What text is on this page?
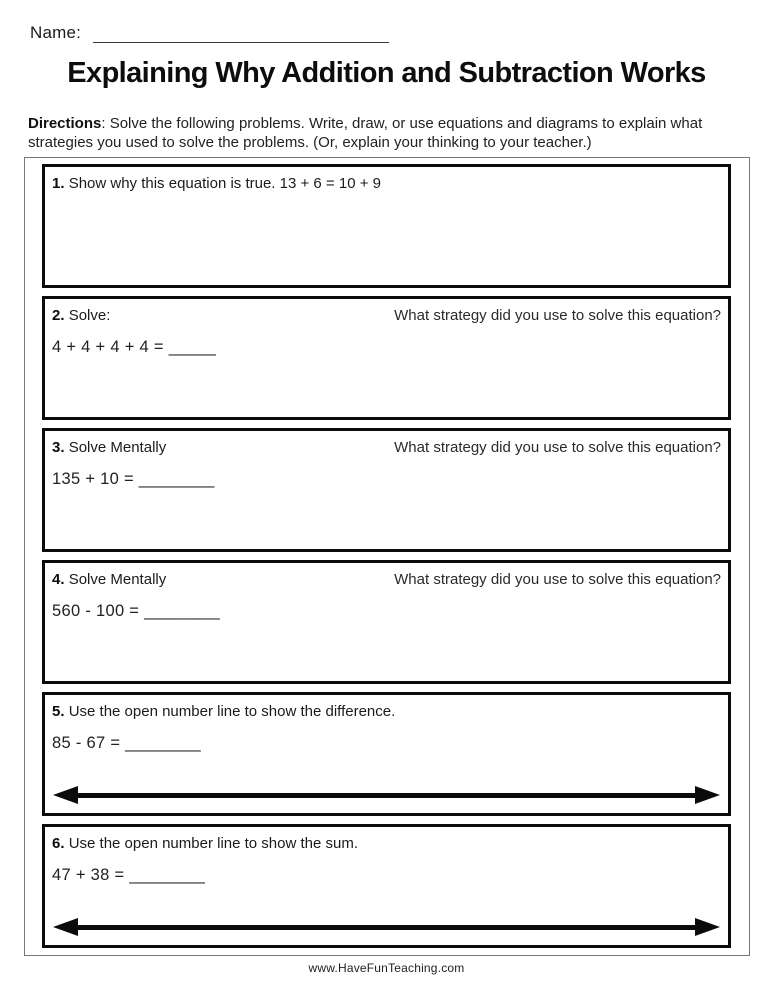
Name:
Explaining Why Addition and Subtraction Works
Directions: Solve the following problems. Write, draw, or use equations and diagrams to explain what strategies you used to solve the problems. (Or, explain your thinking to your teacher.)
1. Show why this equation is true. 13 + 6 = 10 + 9
2. Solve:	What strategy did you use to solve this equation?
4 + 4 + 4 + 4 = _____
3. Solve Mentally	What strategy did you use to solve this equation?
135 + 10 = ________
4. Solve Mentally	What strategy did you use to solve this equation?
560 - 100 = ________
5. Use the open number line to show the difference.
85 - 67 = ________
6. Use the open number line to show the sum.
47 + 38 = ________
www.HaveFunTeaching.com
